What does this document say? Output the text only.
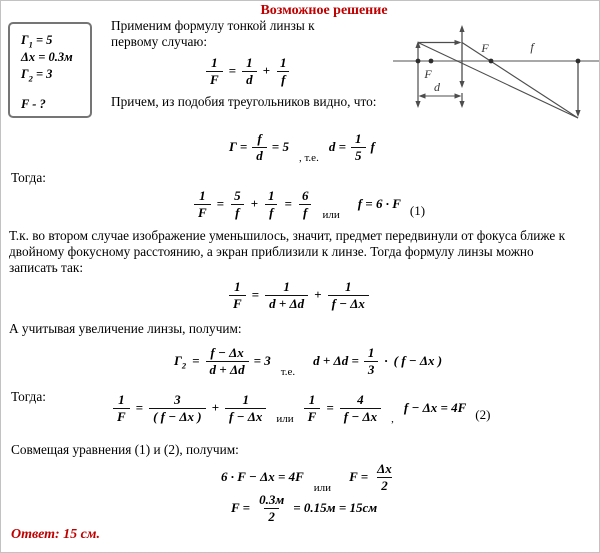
Возможное решение
$\Gamma_1 = 5$
Δx = 0.3м
$\Gamma_2 = 3$
F - ?
Применим формулу тонкой линзы к первому случаю:
Причем, из подобия треугольников видно, что:
Тогда:
Т.к. во втором случае изображение уменьшилось, значит, предмет передвинули от фокуса ближе к двойному фокусному расстоянию, а экран приблизили к линзе. Тогда формулу линзы можно записать так:
А учитывая увеличение линзы, получим:
Тогда:
Совмещая уравнения (1) и (2), получим:
$\frac{1}{F} = \frac{1}{d} + \frac{1}{f}$
$\Gamma = \frac{f}{d} = 5$
, т.е.
$d = \frac{1}{5}$ f
$\frac{1}{F} = \frac{5}{f} + \frac{1}{f} = \frac{6}{f}$ или
f = 6 · F (1)
$\frac{1}{F} = \frac{1}{d + \Delta d} + \frac{1}{f - \Delta x}$
$\Gamma_2 = \frac{f - \Delta x}{d + \Delta d} = 3$
т.е.
$d + \Delta d = \frac{1}{3}$ · ( f − Δx )
$\frac{1}{F} = \frac{3}{( f - \Delta x )} + \frac{1}{f - \Delta x}$ или $\frac{1}{F} = \frac{4}{f - \Delta x}$ ,
f − Δx = 4F (2)
6 · F − Δx = 4F
или
$F = \frac{\Delta x}{2}$
$F = \frac{0.3м}{2} = 0.15м = 15см$
F
F	f
d
Ответ: 15 см.
